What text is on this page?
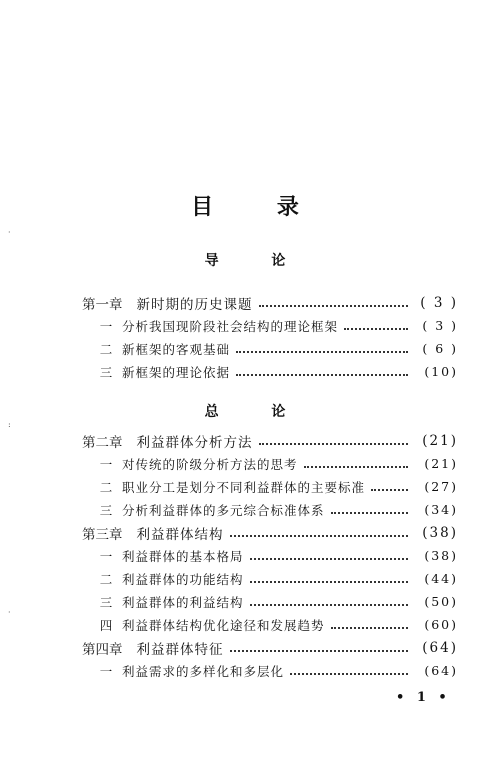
·
:
·
目 录
导 论
第一章 新时期的历史课题	( 3 )
一 分析我国现阶段社会结构的理论框架	( 3 )
二 新框架的客观基础	( 6 )
三 新框架的理论依据	(10)
总 论
第二章 利益群体分析方法	(21)
一 对传统的阶级分析方法的思考	(21)
二 职业分工是划分不同利益群体的主要标准	(27)
三 分析利益群体的多元综合标准体系	(34)
第三章 利益群体结构	(38)
一 利益群体的基本格局	(38)
二 利益群体的功能结构	(44)
三 利益群体的利益结构	(50)
四 利益群体结构优化途径和发展趋势	(60)
第四章 利益群体特征	(64)
一 利益需求的多样化和多层化	(64)
• 1 •
